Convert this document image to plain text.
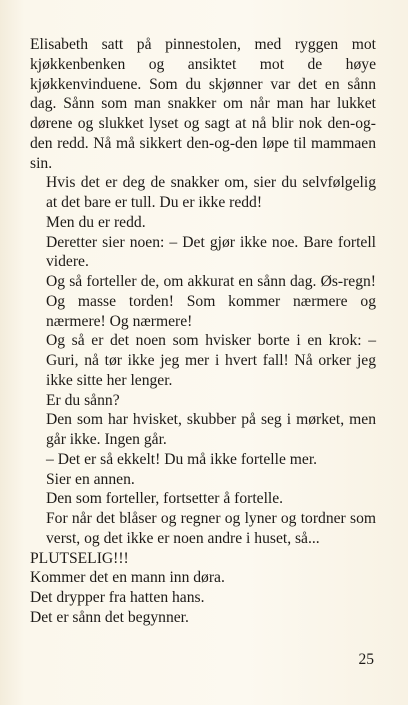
Elisabeth satt på pinnestolen, med ryggen mot kjøkkenbenken og ansiktet mot de høye kjøkkenvinduene. Som du skjønner var det en sånn dag. Sånn som man snakker om når man har lukket dørene og slukket lyset og sagt at nå blir nok den-og-den redd. Nå må sikkert den-og-den løpe til mammaen sin.

Hvis det er deg de snakker om, sier du selvfølgelig at det bare er tull. Du er ikke redd!

Men du er redd.

Deretter sier noen: – Det gjør ikke noe. Bare fortell videre.

Og så forteller de, om akkurat en sånn dag. Øs-regn! Og masse torden! Som kommer nærmere og nærmere! Og nærmere!

Og så er det noen som hvisker borte i en krok: – Guri, nå tør ikke jeg mer i hvert fall! Nå orker jeg ikke sitte her lenger.

Er du sånn?

Den som har hvisket, skubber på seg i mørket, men går ikke. Ingen går.

– Det er så ekkelt! Du må ikke fortelle mer.

Sier en annen.

Den som forteller, fortsetter å fortelle.

For når det blåser og regner og lyner og tordner som verst, og det ikke er noen andre i huset, så...

PLUTSELIG!!!

Kommer det en mann inn døra.

Det drypper fra hatten hans.

Det er sånn det begynner.

25
